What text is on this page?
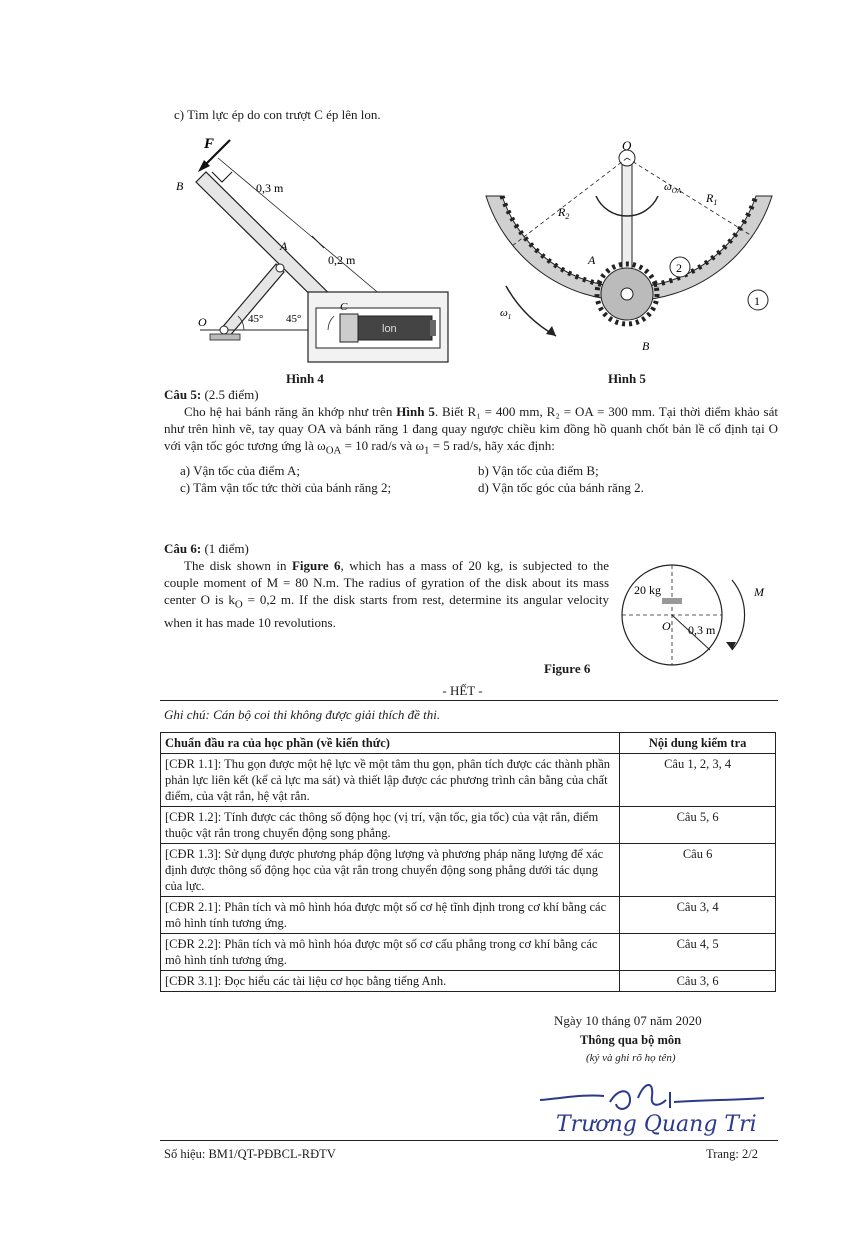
c) Tìm lực ép do con trượt C ép lên lon.
F
B	0,3 m
A
0,2 m
O	45° 45°
C
lon
Hình 4
O
$R_2$
$R_1$
$\omega_{OA}$
A
B
$\omega_1$
2
1
Hình 5
Câu 5: (2.5 điểm)
Cho hệ hai bánh răng ăn khớp như trên Hình 5. Biết R₁ = 400 mm, R₂ = OA = 300 mm. Tại thời điểm khảo sát như trên hình vẽ, tay quay OA và bánh răng 1 đang quay ngược chiều kim đồng hồ quanh chốt bản lề cố định tại O với vận tốc góc tương ứng là $\omega_{OA} = 10$ rad/s và $\omega_1 = 5$ rad/s, hãy xác định:
a) Vận tốc của điểm A;	b) Vận tốc của điểm B;
c) Tâm vận tốc tức thời của bánh răng 2;	d) Vận tốc góc của bánh răng 2.
Câu 6: (1 điểm)
The disk shown in Figure 6, which has a mass of 20 kg, is subjected to the couple moment of M = 80 N.m. The radius of gyration of the disk about its mass center O is $k_O = 0,2$ m. If the disk starts from rest, determine its angular velocity when it has made 10 revolutions.
Figure 6
20 kg	M
O 0,3 m
- HẾT -
Ghi chú: Cán bộ coi thi không được giải thích đề thi.
Chuẩn đầu ra của học phần (về kiến thức)	Nội dung kiểm tra
[CĐR 1.1]: Thu gọn được một hệ lực về một tâm thu gọn, phân tích được các thành phần phản lực liên kết (kể cả lực ma sát) và thiết lập được các phương trình cân bằng của chất điểm, của vật rắn, hệ vật rắn.	Câu 1, 2, 3, 4
[CĐR 1.2]: Tính được các thông số động học (vị trí, vận tốc, gia tốc) của vật rắn, điểm thuộc vật rắn trong chuyển động song phẳng.	Câu 5, 6
[CĐR 1.3]: Sử dụng được phương pháp động lượng và phương pháp năng lượng để xác định được thông số động học của vật rắn trong chuyển động song phẳng dưới tác dụng của lực.	Câu 6
[CĐR 2.1]: Phân tích và mô hình hóa được một số cơ hệ tĩnh định trong cơ khí bằng các mô hình tính tương ứng.	Câu 3, 4
[CĐR 2.2]: Phân tích và mô hình hóa được một số cơ cấu phẳng trong cơ khí bằng các mô hình tính tương ứng.	Câu 4, 5
[CĐR 3.1]: Đọc hiểu các tài liệu cơ học bằng tiếng Anh.	Câu 3, 6
Ngày 10 tháng 07 năm 2020
Thông qua bộ môn
(ký và ghi rõ họ tên)
Trương Quang Tri
Số hiệu: BM1/QT-PĐBCL-RĐTV	Trang: 2/2
